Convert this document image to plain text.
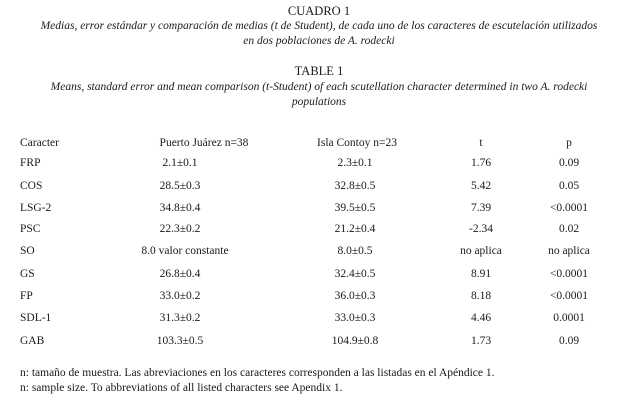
CUADRO 1
Medias, error estándar y comparación de medias (t de Student), de cada uno de los caracteres de escutelación utilizados
en dos poblaciones de A. rodecki
TABLE 1
Means, standard error and mean comparison (t-Student) of each scutellation character determined in two A. rodecki
populations
Caracter	Puerto Juárez n=38	Isla Contoy n=23	t	p
FRP	2.1±0.1	2.3±0.1	1.76	0.09
COS	28.5±0.3	32.8±0.5	5.42	0.05
LSG-2	34.8±0.4	39.5±0.5	7.39	<0.0001
PSC	22.3±0.2	21.2±0.4	-2.34	0.02
SO	8.0 valor constante	8.0±0.5	no aplica	no aplica
GS	26.8±0.4	32.4±0.5	8.91	<0.0001
FP	33.0±0.2	36.0±0.3	8.18	<0.0001
SDL-1	31.3±0.2	33.0±0.3	4.46	0.0001
GAB	103.3±0.5	104.9±0.8	1.73	0.09
n: tamaño de muestra. Las abreviaciones en los caracteres corresponden a las listadas en el Apéndice 1.
n: sample size. To abbreviations of all listed characters see Apendix 1.
